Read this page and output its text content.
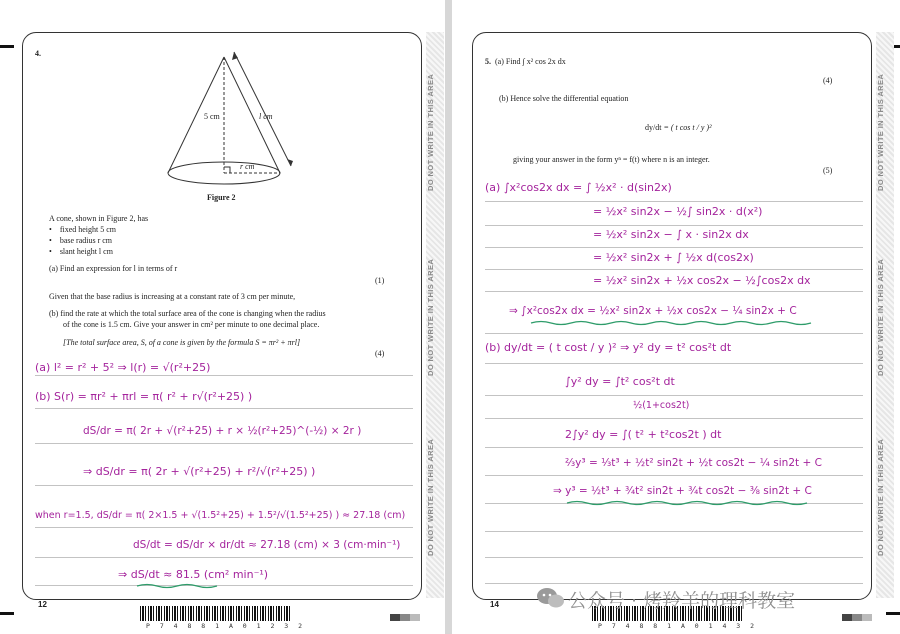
4.
5 cm	l cm
r cm
Figure 2
A cone, shown in Figure 2, has
•    fixed height 5 cm
•    base radius r cm
•    slant height l cm
(a) Find an expression for l in terms of r
(1)
Given that the base radius is increasing at a constant rate of 3 cm per minute,
(b) find the rate at which the total surface area of the cone is changing when the radius
of the cone is 1.5 cm. Give your answer in cm² per minute to one decimal place.
[The total surface area, S, of a cone is given by the formula S = πr² + πrl]
(4)
(a) l² = r² + 5² ⇒ l(r) = √(r²+25)
(b) S(r) = πr² + πrl = π( r² + r√(r²+25) )
dS/dr = π( 2r + √(r²+25) + r × ½(r²+25)^(-½) × 2r )
⇒ dS/dr = π( 2r + √(r²+25) + r²/√(r²+25) )
when r=1.5, dS/dr = π( 2×1.5 + √(1.5²+25) + 1.5²/√(1.5²+25) ) ≈ 27.18 (cm)
dS/dt = dS/dr × dr/dt ≈ 27.18 (cm) × 3 (cm·min⁻¹)
⇒ dS/dt ≈ 81.5 (cm² min⁻¹)
DO NOT WRITE IN THIS AREA
DO NOT WRITE IN THIS AREA
DO NOT WRITE IN THIS AREA
12
P 7 4 8 8 1 A 0 1 2 3 2
DO NOT WRITE IN THIS AREA
DO NOT WRITE IN THIS AREA
DO NOT WRITE IN THIS AREA
14
P 7 4 8 8 1 A 0 1 4 3 2
5. (a) Find ∫ x² cos 2x dx
(4)
(b) Hence solve the differential equation
dy/dt = ( t cos t / y )²
giving your answer in the form yⁿ = f(t) where n is an integer.
(5)
(a) ∫x²cos2x dx = ∫ ½x² · d(sin2x)
= ½x² sin2x − ½∫ sin2x · d(x²)
= ½x² sin2x − ∫ x · sin2x dx
= ½x² sin2x + ∫ ½x d(cos2x)
= ½x² sin2x + ½x cos2x − ½∫cos2x dx
⇒ ∫x²cos2x dx = ½x² sin2x + ½x cos2x − ¼ sin2x + C
(b) dy/dt = ( t cost / y )² ⇒ y² dy = t² cos²t dt
∫y² dy = ∫t² cos²t dt
½(1+cos2t)
2∫y² dy = ∫( t² + t²cos2t ) dt
⅔y³ = ⅓t³ + ½t² sin2t + ½t cos2t − ¼ sin2t + C
⇒ y³ = ½t³ + ¾t² sin2t + ¾t cos2t − ⅜ sin2t + C
公众号 · 烤羚羊的理科教室
